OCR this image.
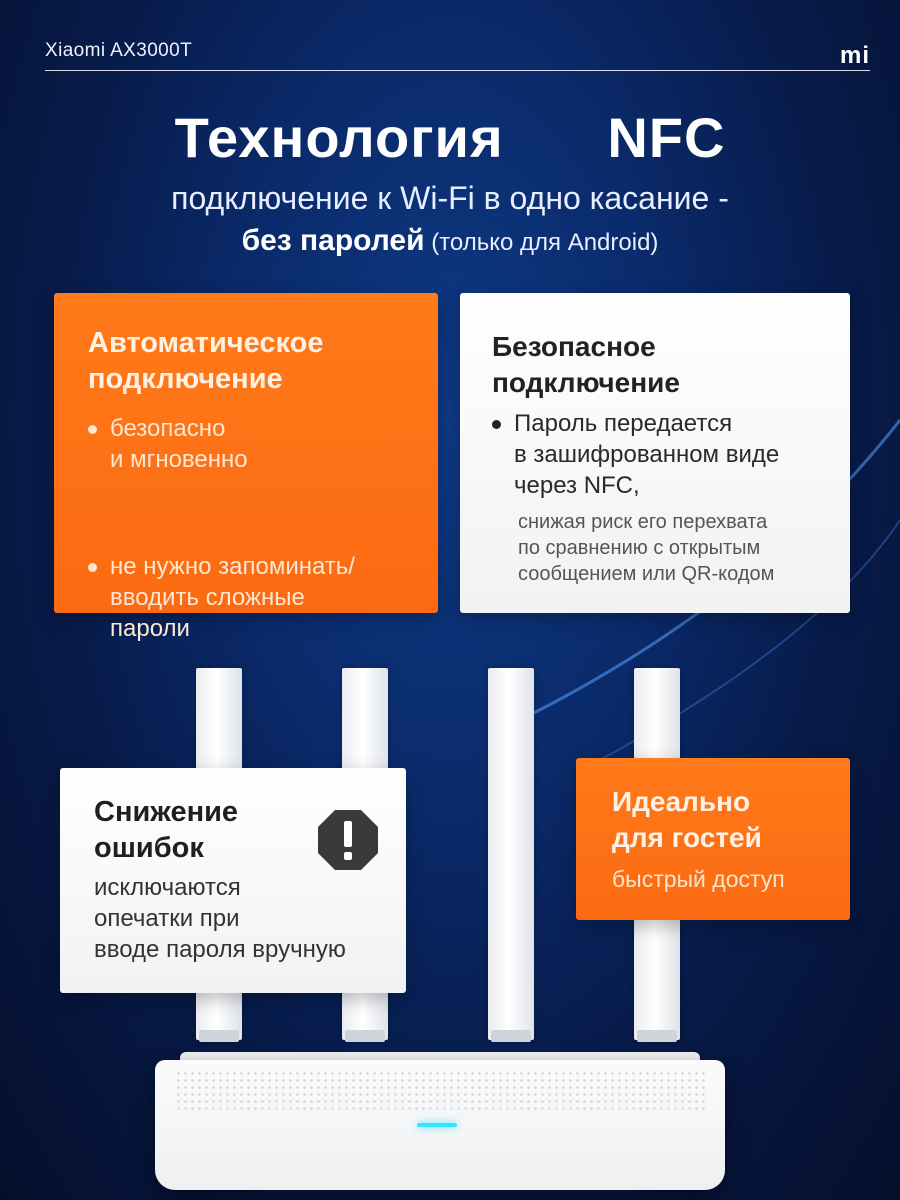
Xiaomi AX3000T	mi
Технология   NFC
подключение к Wi-Fi в одно касание -
без паролей (только для Android)
Автоматическое
подключение
безопасно
и мгновенно
не нужно запоминать/
вводить сложные
пароли
Безопасное
подключение
Пароль передается
в зашифрованном виде
через NFC,
снижая риск его перехвата
по сравнению с открытым
сообщением или QR-кодом
Снижение
ошибок
исключаются
опечатки при
вводе пароля вручную
Идеально
для гостей
быстрый доступ
